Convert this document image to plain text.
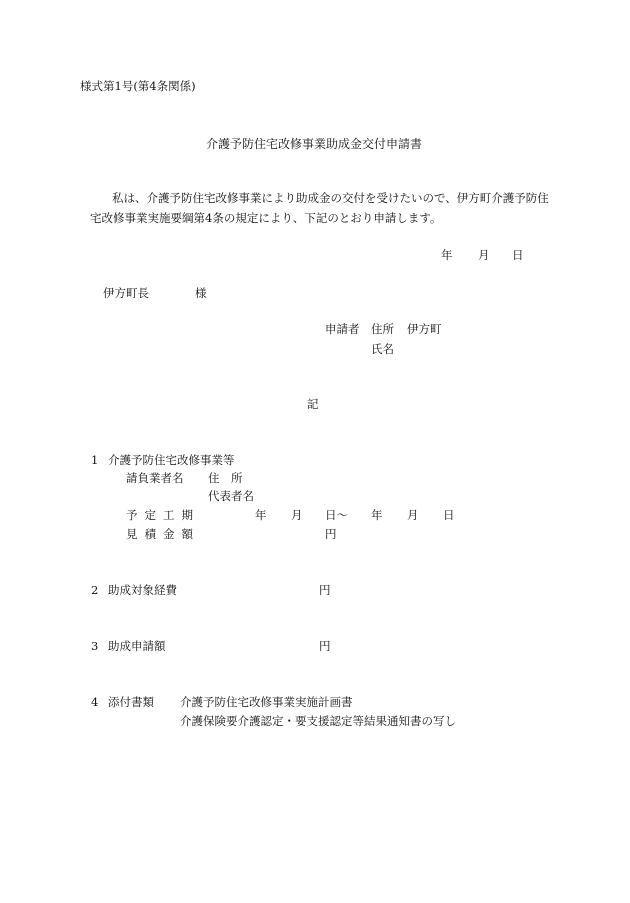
様式第1号(第4条関係)
介護予防住宅改修事業助成金交付申請書
私は、介護予防住宅改修事業により助成金の交付を受けたいので、伊方町介護予防住
宅改修事業実施要綱第4条の規定により、下記のとおり申請します。
年 月 日
伊方町長	様
申請者 住所 伊方町
氏名
記
1 介護予防住宅改修事業等
請負業者名 住　所
代表者名
予定工期	年 月 日〜 年 月 日
見積金額	円
2 助成対象経費	円
3 助成申請額	円
4 添付書類 介護予防住宅改修事業実施計画書
介護保険要介護認定・要支援認定等結果通知書の写し
